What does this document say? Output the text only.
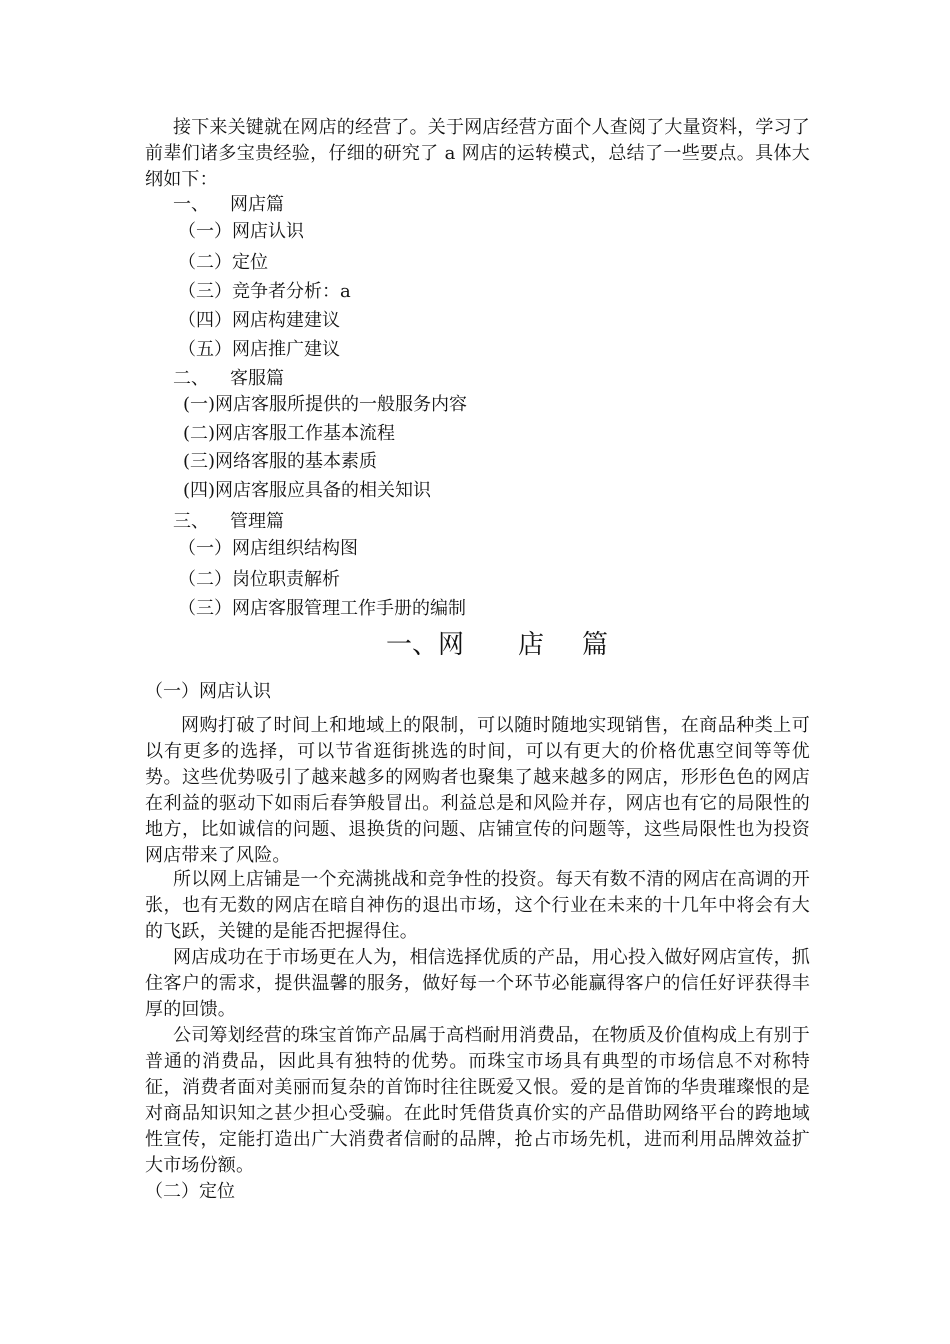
接下来关键就在网店的经营了。关于网店经营方面个人查阅了大量资料，学习了前辈们诸多宝贵经验，仔细的研究了 a 网店的运转模式，总结了一些要点。具体大纲如下：

一、 网店篇
（一）网店认识
（二）定位
（三）竞争者分析：a
（四）网店构建建议
（五）网店推广建议
二、 客服篇
(一)网店客服所提供的一般服务内容
(二)网店客服工作基本流程
(三)网络客服的基本素质
(四)网店客服应具备的相关知识
三、 管理篇
（一）网店组织结构图
（二）岗位职责解析
（三）网店客服管理工作手册的编制
一、网 店 篇
（一）网店认识

网购打破了时间上和地域上的限制，可以随时随地实现销售，在商品种类上可以有更多的选择，可以节省逛街挑选的时间，可以有更大的价格优惠空间等等优势。这些优势吸引了越来越多的网购者也聚集了越来越多的网店，形形色色的网店在利益的驱动下如雨后春笋般冒出。利益总是和风险并存，网店也有它的局限性的地方，比如诚信的问题、退换货的问题、店铺宣传的问题等，这些局限性也为投资网店带来了风险。

所以网上店铺是一个充满挑战和竞争性的投资。每天有数不清的网店在高调的开张，也有无数的网店在暗自神伤的退出市场，这个行业在未来的十几年中将会有大的飞跃，关键的是能否把握得住。

网店成功在于市场更在人为，相信选择优质的产品，用心投入做好网店宣传，抓住客户的需求，提供温馨的服务，做好每一个环节必能赢得客户的信任好评获得丰厚的回馈。

公司筹划经营的珠宝首饰产品属于高档耐用消费品，在物质及价值构成上有别于普通的消费品，因此具有独特的优势。而珠宝市场具有典型的市场信息不对称特征，消费者面对美丽而复杂的首饰时往往既爱又恨。爱的是首饰的华贵璀璨恨的是对商品知识知之甚少担心受骗。在此时凭借货真价实的产品借助网络平台的跨地域性宣传，定能打造出广大消费者信耐的品牌，抢占市场先机，进而利用品牌效益扩大市场份额。

（二）定位
